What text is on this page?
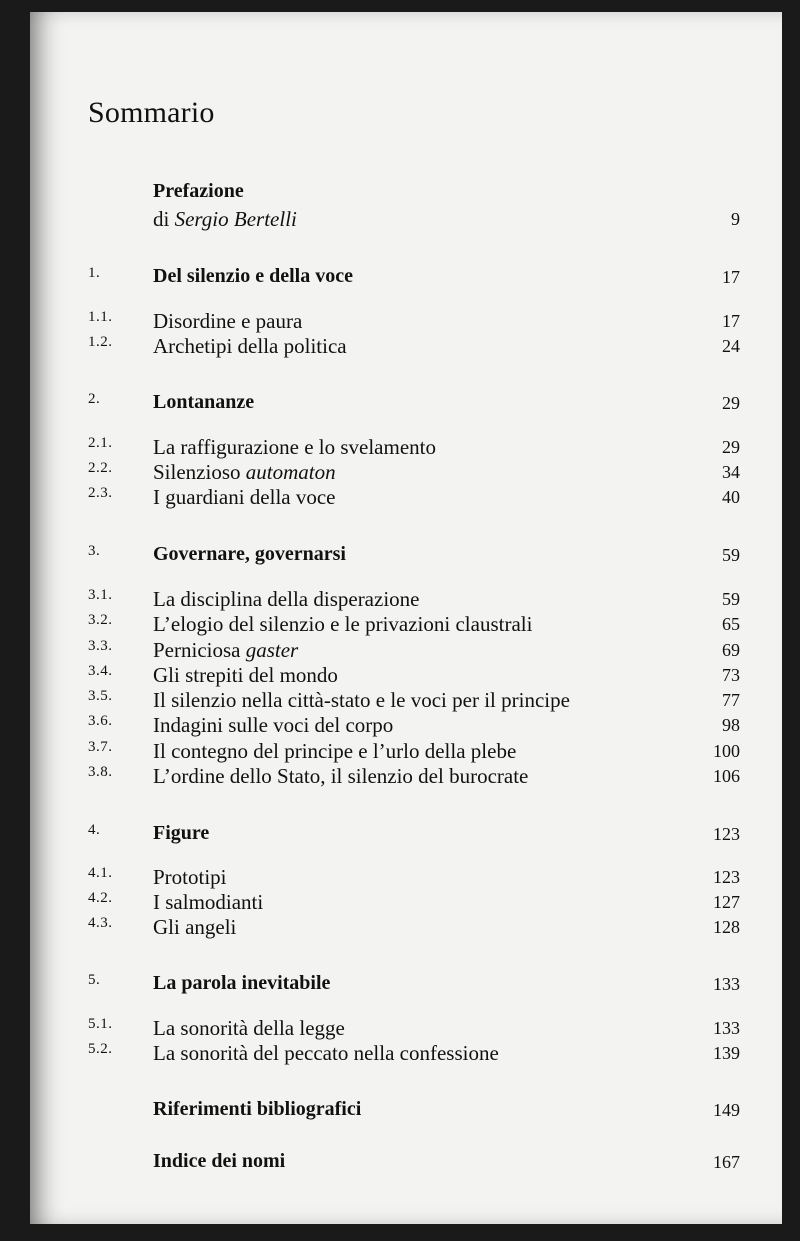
Sommario
Prefazione
di Sergio Bertelli	9
1.	Del silenzio e della voce	17
1.1. Disordine e paura	17
1.2. Archetipi della politica	24
2.	Lontananze	29
2.1. La raffigurazione e lo svelamento	29
2.2. Silenzioso automaton	34
2.3. I guardiani della voce	40
3.	Governare, governarsi	59
3.1. La disciplina della disperazione	59
3.2. L’elogio del silenzio e le privazioni claustrali	65
3.3. Perniciosa gaster	69
3.4. Gli strepiti del mondo	73
3.5. Il silenzio nella città-stato e le voci per il principe	77
3.6. Indagini sulle voci del corpo	98
3.7. Il contegno del principe e l’urlo della plebe	100
3.8. L’ordine dello Stato, il silenzio del burocrate	106
4.	Figure	123
4.1. Prototipi	123
4.2. I salmodianti	127
4.3. Gli angeli	128
5.	La parola inevitabile	133
5.1. La sonorità della legge	133
5.2. La sonorità del peccato nella confessione	139
Riferimenti bibliografici	149
Indice dei nomi	167
